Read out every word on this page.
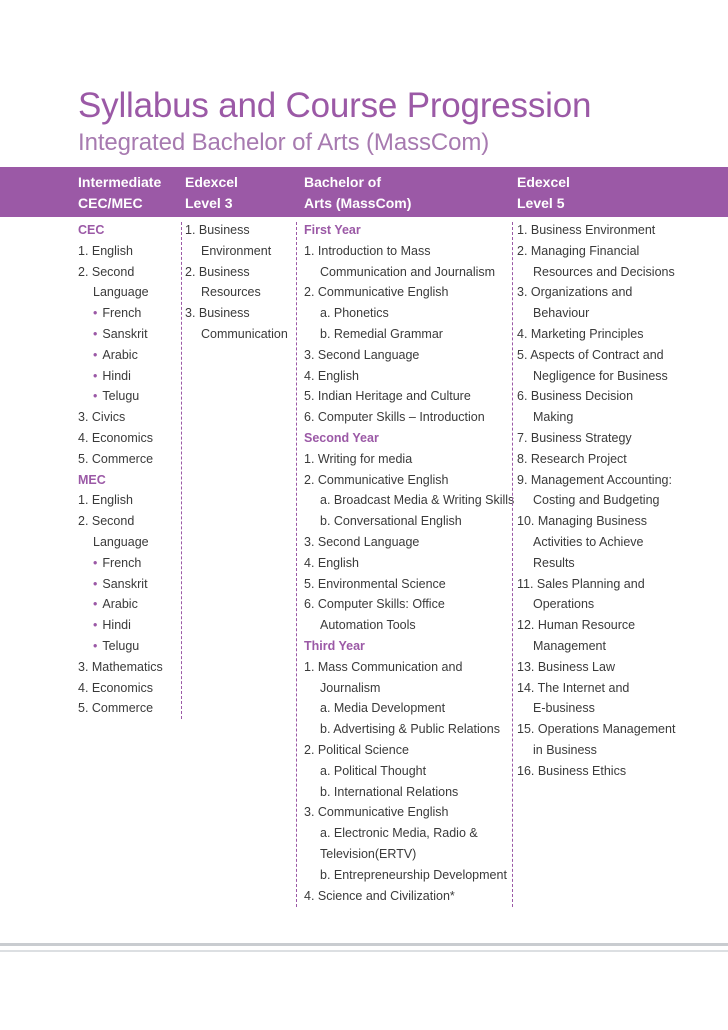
Syllabus and Course Progression
Integrated Bachelor of Arts (MassCom)
Intermediate
CEC/MEC
Edexcel
Level 3
Bachelor of
Arts (MassCom)
Edexcel
Level 5
CEC
1. English
2. Second
Language
• French
• Sanskrit
• Arabic
• Hindi
• Telugu
3. Civics
4. Economics
5. Commerce
MEC
1. English
2. Second
Language
• French
• Sanskrit
• Arabic
• Hindi
• Telugu
3. Mathematics
4. Economics
5. Commerce
1. Business
Environment
2. Business
Resources
3. Business
Communication
First Year
1. Introduction to Mass
Communication and Journalism
2. Communicative English
a. Phonetics
b. Remedial Grammar
3. Second Language
4. English
5. Indian Heritage and Culture
6. Computer Skills – Introduction
Second Year
1. Writing for media
2. Communicative English
a. Broadcast Media & Writing Skills
b. Conversational English
3. Second Language
4. English
5. Environmental Science
6. Computer Skills: Office
Automation Tools
Third Year
1. Mass Communication and
Journalism
a. Media Development
b. Advertising & Public Relations
2. Political Science
a. Political Thought
b. International Relations
3. Communicative English
a. Electronic Media, Radio &
Television(ERTV)
b. Entrepreneurship Development
4. Science and Civilization*
1. Business Environment
2. Managing Financial
Resources and Decisions
3. Organizations and
Behaviour
4. Marketing Principles
5. Aspects of Contract and
Negligence for Business
6. Business Decision
Making
7. Business Strategy
8. Research Project
9. Management Accounting:
Costing and Budgeting
10. Managing Business
Activities to Achieve
Results
11. Sales Planning and
Operations
12. Human Resource
Management
13. Business Law
14. The Internet and
E-business
15. Operations Management
in Business
16. Business Ethics
